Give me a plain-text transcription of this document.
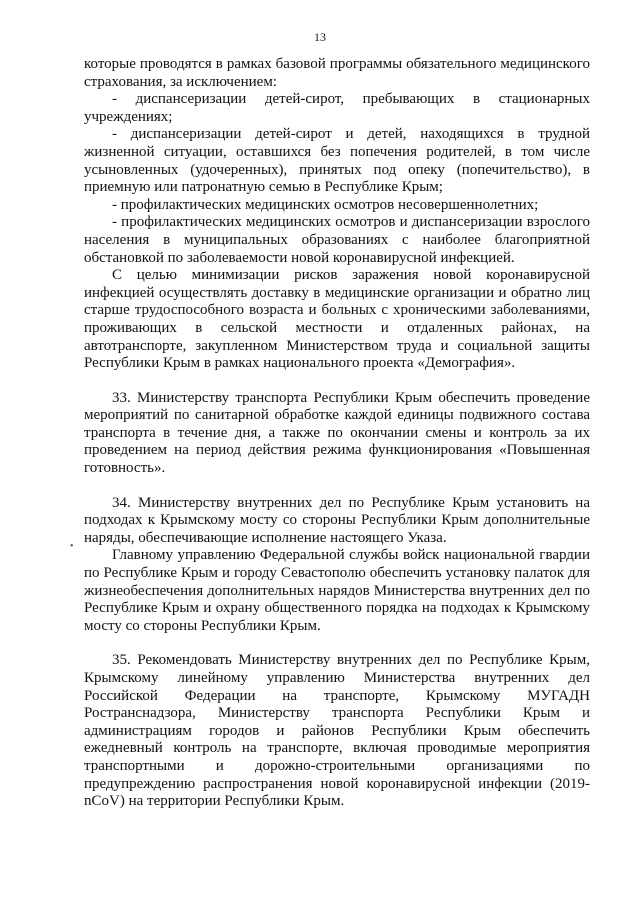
13
•

которые проводятся в рамках базовой программы обязательного медицинского страхования, за исключением:

- диспансеризации детей-сирот, пребывающих в стационарных учреждениях;

- диспансеризации детей-сирот и детей, находящихся в трудной жизненной ситуации, оставшихся без попечения родителей, в том числе усыновленных (удочеренных), принятых под опеку (попечительство), в приемную или патронатную семью в Республике Крым;

- профилактических медицинских осмотров несовершеннолетних;

- профилактических медицинских осмотров и диспансеризации взрослого населения в муниципальных образованиях с наиболее благоприятной обстановкой по заболеваемости новой коронавирусной инфекцией.

С целью минимизации рисков заражения новой коронавирусной инфекцией осуществлять доставку в медицинские организации и обратно лиц старше трудоспособного возраста и больных с хроническими заболеваниями, проживающих в сельской местности и отдаленных районах, на автотранспорте, закупленном Министерством труда и социальной защиты Республики Крым в рамках национального проекта «Демография».

33. Министерству транспорта Республики Крым обеспечить проведение мероприятий по санитарной обработке каждой единицы подвижного состава транспорта в течение дня, а также по окончании смены и контроль за их проведением на период действия режима функционирования «Повышенная готовность».

34. Министерству внутренних дел по Республике Крым установить на подходах к Крымскому мосту со стороны Республики Крым дополнительные наряды, обеспечивающие исполнение настоящего Указа.

Главному управлению Федеральной службы войск национальной гвардии по Республике Крым и городу Севастополю обеспечить установку палаток для жизнеобеспечения дополнительных нарядов Министерства внутренних дел по Республике Крым и охрану общественного порядка на подходах к Крымскому мосту со стороны Республики Крым.

35. Рекомендовать Министерству внутренних дел по Республике Крым, Крымскому линейному управлению Министерства внутренних дел Российской Федерации на транспорте, Крымскому МУГАДН Ространснадзора, Министерству транспорта Республики Крым и администрациям городов и районов Республики Крым обеспечить ежедневный контроль на транспорте, включая проводимые мероприятия транспортными и дорожно-строительными организациями по предупреждению распространения новой коронавирусной инфекции (2019-nCoV) на территории Республики Крым.
